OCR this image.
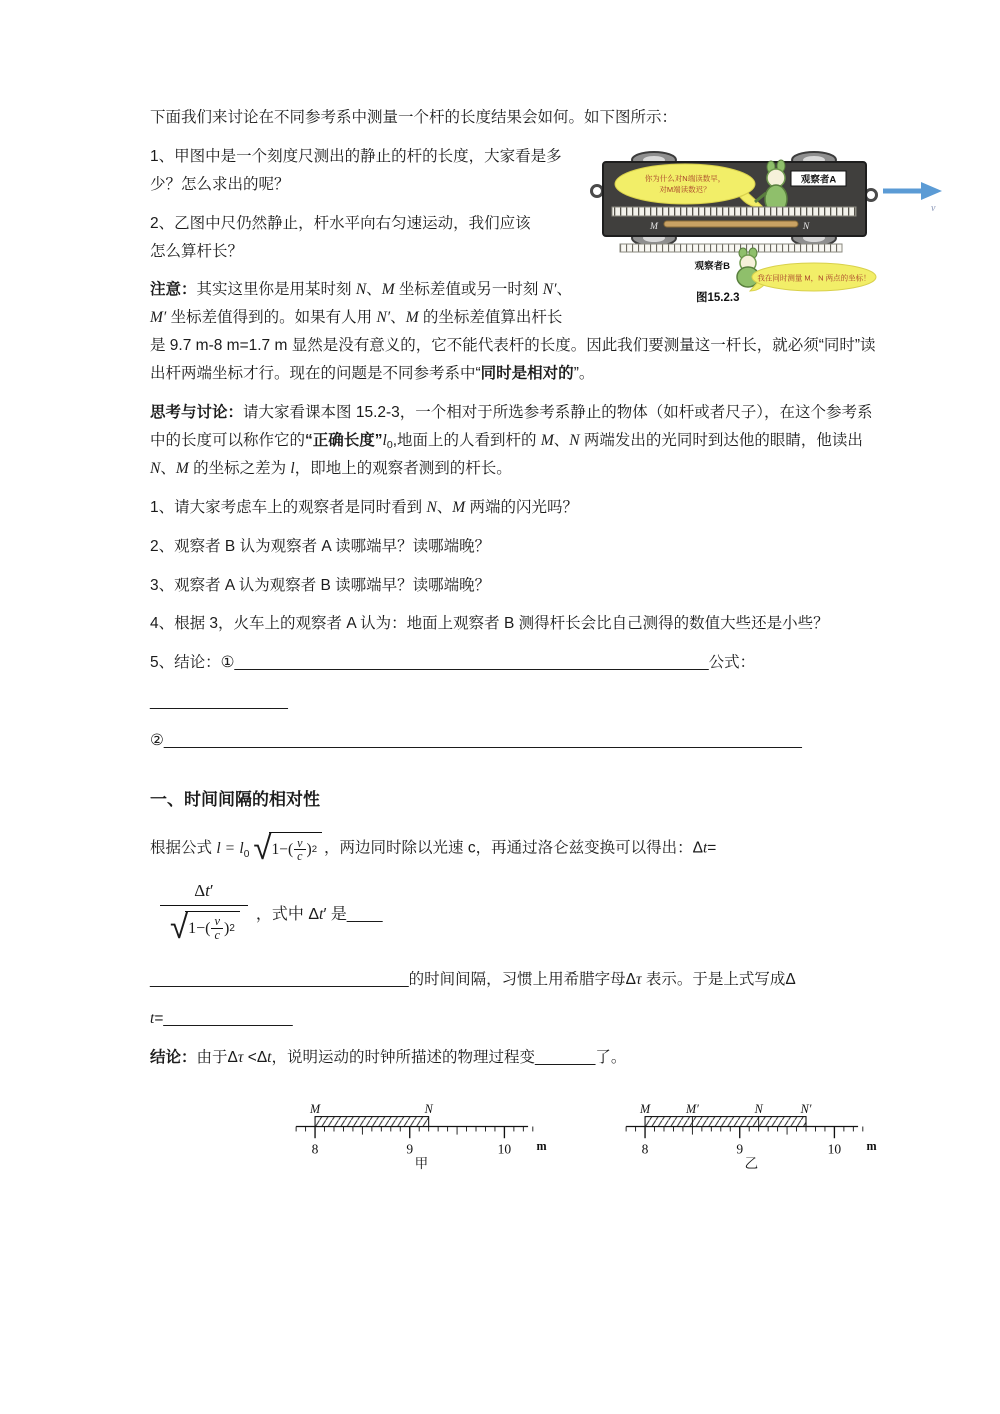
下面我们来讨论在不同参考系中测量一个杆的长度结果会如何。如下图所示：

你为什么对N端读数早，
对M端读数迟？
观察者A
M	N
观察者B
我在同时测量 M，N 两点的坐标！
图15.2.3
v

1、甲图中是一个刻度尺测出的静止的杆的长度，大家看是多少？怎么求出的呢？

2、乙图中尺仍然静止，杆水平向右匀速运动，我们应该
怎么算杆长？

注意：其实这里你是用某时刻 N、M 坐标差值或另一时刻 N′、M′ 坐标差值得到的。如果有人用 N′、M 的坐标差值算出杆长是 9.7 m-8 m=1.7 m 显然是没有意义的，它不能代表杆的长度。因此我们要测量这一杆长，就必须“同时”读出杆两端坐标才行。现在的问题是不同参考系中“同时是相对的”。

思考与讨论：请大家看课本图 15.2-3，一个相对于所选参考系静止的物体（如杆或者尺子），在这个参考系中的长度可以称作它的“正确长度$”l_0$,地面上的人看到杆的 M、N 两端发出的光同时到达他的眼睛，他读出 N、M 的坐标之差为 l，即地上的观察者测到的杆长。

1、请大家考虑车上的观察者是同时看到 N、M 两端的闪光吗？

2、观察者 B 认为观察者 A 读哪端早？读哪端晚？

3、观察者 A 认为观察者 B 读哪端早？读哪端晚？

4、根据 3，火车上的观察者 A 认为：地面上观察者 B 测得杆长会比自己测得的数值大些还是小些？

5、结论：①_______________________________________________________公式：

________________

②__________________________________________________________________________

一、时间间隔的相对性

根据公式 $l = l_0$ √ 1−( v
c ) 2 ，两边同时除以光速 c，再通过洛仑兹变换可以得出：Δt=

Δt′
√ 1−( v
c ) 2 ，式中 Δt′ 是____

______________________________的时间间隔，习惯上用希腊字母Δτ 表示。于是上式写成Δ

t=_______________

结论：由于Δτ <Δt，说明运动的时钟所描述的物理过程变_______了。

8	9	10 m
M	N
甲
8	9	10 m
M	M′	N	N′
乙
